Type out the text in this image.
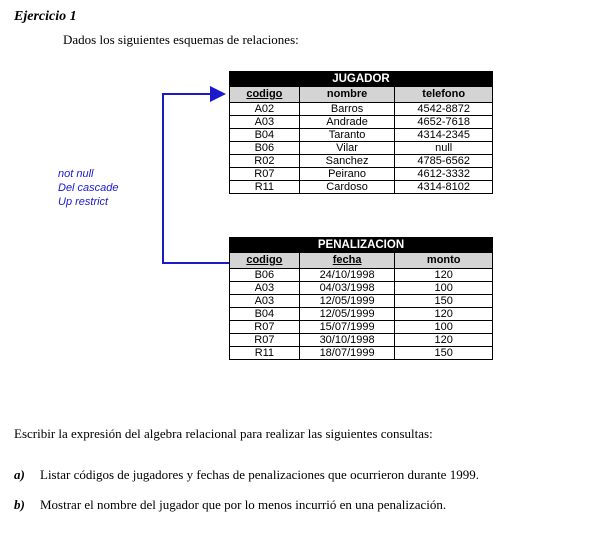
Ejercicio 1
Dados los siguientes esquemas de relaciones:
not null
Del cascade
Up restrict
JUGADOR		
codigo	nombre	telefono
A02	Barros	4542-8872
A03	Andrade	4652-7618
B04	Taranto	4314-2345
B06	Vilar	null
R02	Sanchez	4785-6562
R07	Peirano	4612-3332
R11	Cardoso	4314-8102
PENALIZACION		
codigo	fecha	monto
B06	24/10/1998	120
A03	04/03/1998	100
A03	12/05/1999	150
B04	12/05/1999	120
R07	15/07/1999	100
R07	30/10/1998	120
R11	18/07/1999	150
Escribir la expresión del algebra relacional para realizar las siguientes consultas:
a) Listar códigos de jugadores y fechas de penalizaciones que ocurrieron durante 1999.
b) Mostrar el nombre del jugador que por lo menos incurrió en una penalización.
